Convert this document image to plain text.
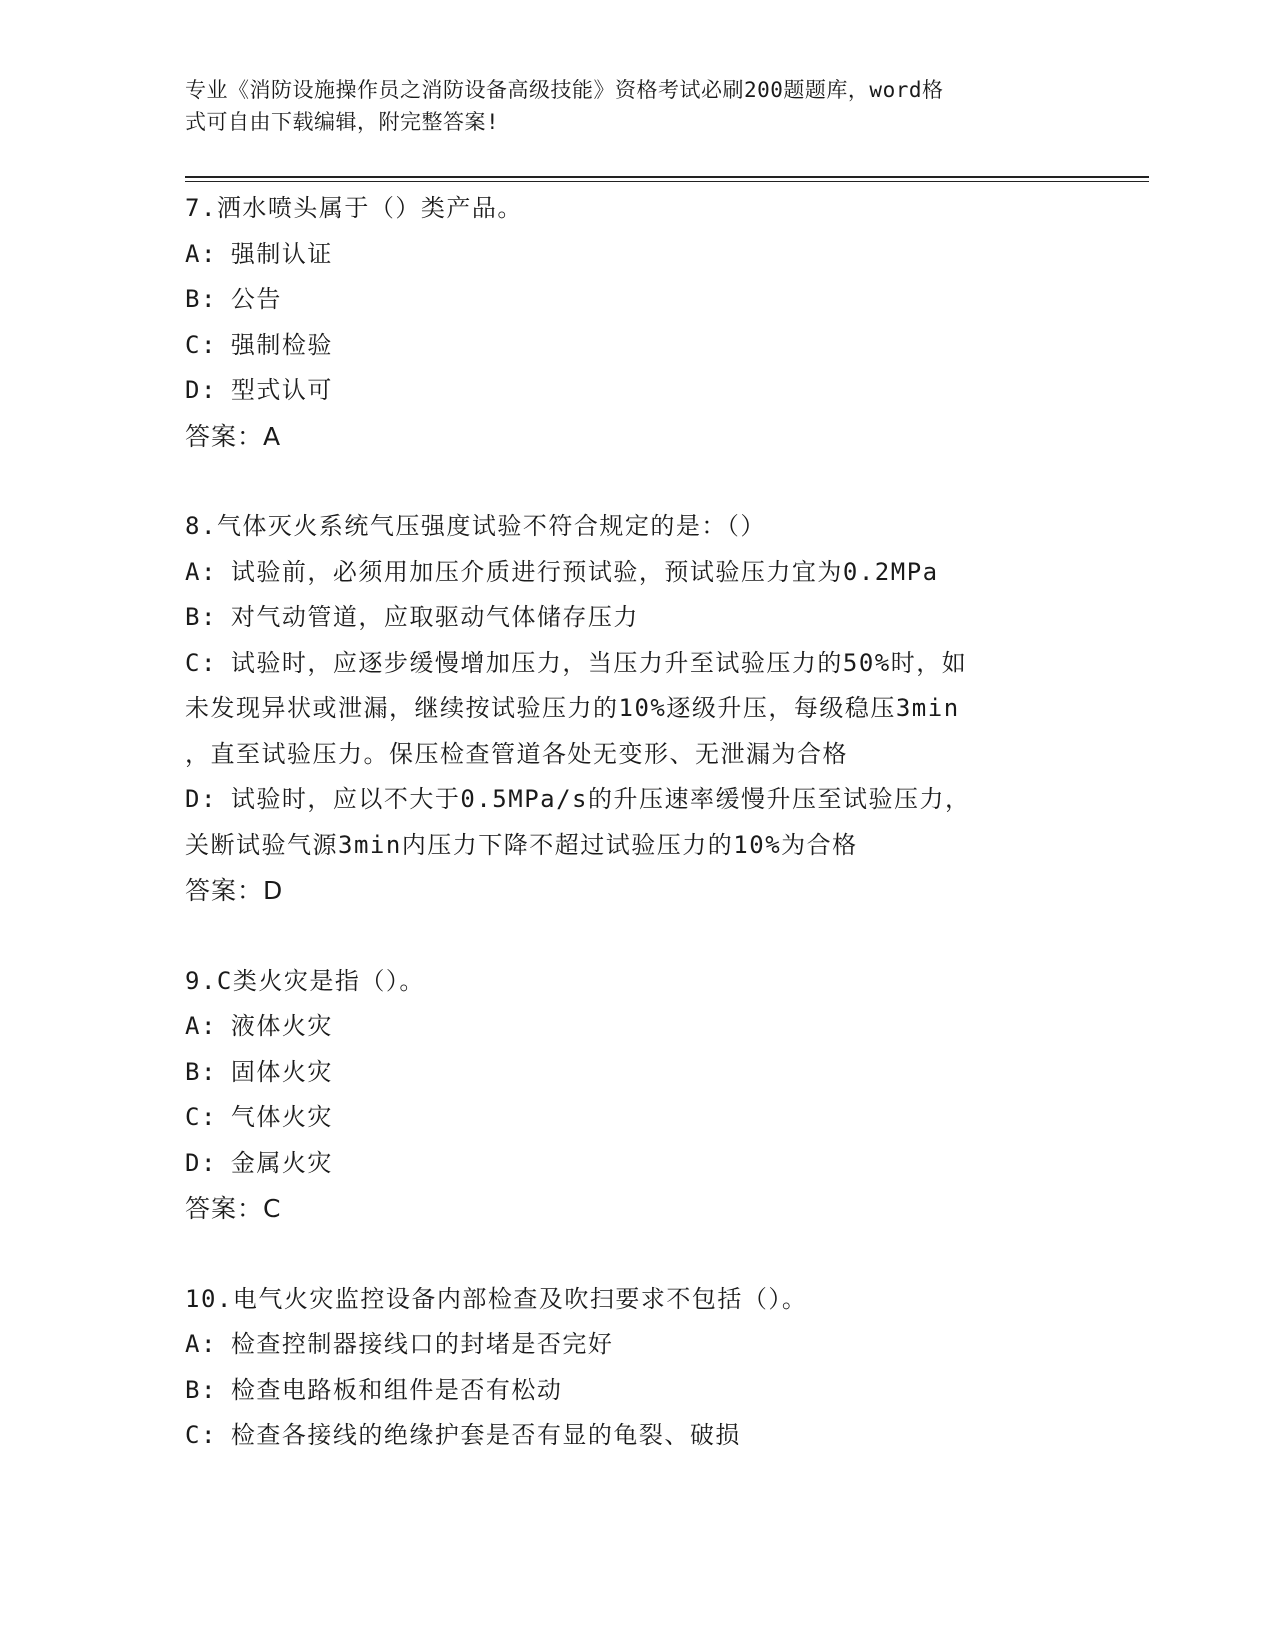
专业《消防设施操作员之消防设备高级技能》资格考试必刷200题题库，word格
式可自由下载编辑，附完整答案!
7.洒水喷头属于（）类产品。
A : 强制认证
B : 公告
C : 强制检验
D : 型式认可
答案：A
8.气体灭火系统气压强度试验不符合规定的是：（）
A : 试验前，必须用加压介质进行预试验，预试验压力宜为0.2MPa
B : 对气动管道，应取驱动气体储存压力
C : 试验时，应逐步缓慢增加压力，当压力升至试验压力的50%时，如
未发现异状或泄漏，继续按试验压力的10%逐级升压，每级稳压3min
，直至试验压力。保压检查管道各处无变形、无泄漏为合格
D : 试验时，应以不大于0.5MPa/s的升压速率缓慢升压至试验压力，
关断试验气源3min内压力下降不超过试验压力的10%为合格
答案：D
9.C类火灾是指（）。
A : 液体火灾
B : 固体火灾
C : 气体火灾
D : 金属火灾
答案：C
10.电气火灾监控设备内部检查及吹扫要求不包括（）。
A : 检查控制器接线口的封堵是否完好
B : 检查电路板和组件是否有松动
C : 检查各接线的绝缘护套是否有显的龟裂、破损
